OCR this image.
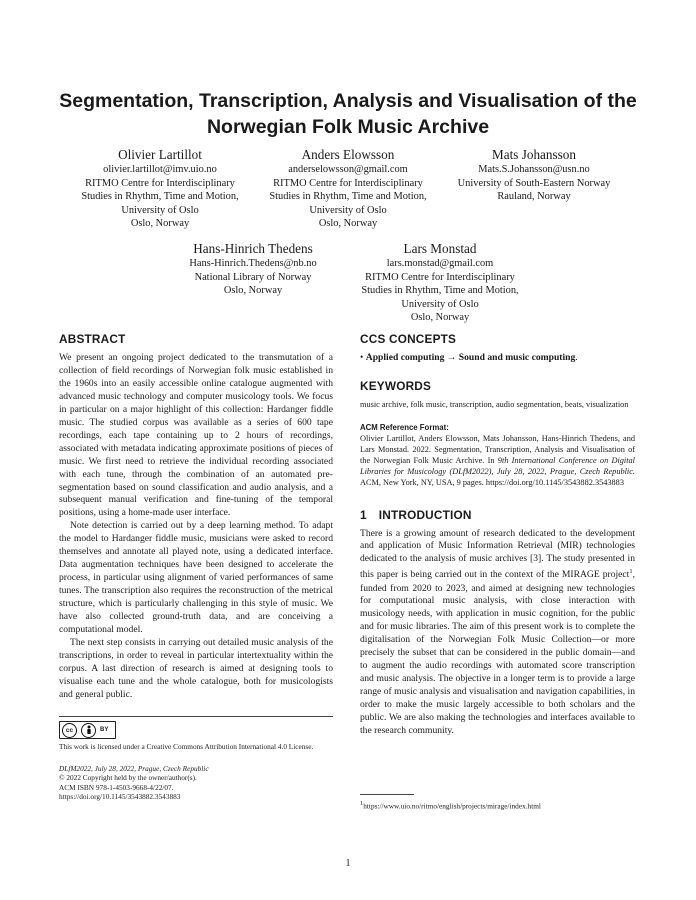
Segmentation, Transcription, Analysis and Visualisation of the
Norwegian Folk Music Archive
Olivier Lartillot
olivier.lartillot@imv.uio.no
RITMO Centre for Interdisciplinary
Studies in Rhythm, Time and Motion,
University of Oslo
Oslo, Norway
Anders Elowsson
anderselowsson@gmail.com
RITMO Centre for Interdisciplinary
Studies in Rhythm, Time and Motion,
University of Oslo
Oslo, Norway
Mats Johansson
Mats.S.Johansson@usn.no
University of South-Eastern Norway
Rauland, Norway
Hans-Hinrich Thedens
Hans-Hinrich.Thedens@nb.no
National Library of Norway
Oslo, Norway
Lars Monstad
lars.monstad@gmail.com
RITMO Centre for Interdisciplinary
Studies in Rhythm, Time and Motion,
University of Oslo
Oslo, Norway
ABSTRACT

We present an ongoing project dedicated to the transmutation of a collection of field recordings of Norwegian folk music established in the 1960s into an easily accessible online catalogue augmented with advanced music technology and computer musicology tools. We focus in particular on a major highlight of this collection: Hardanger fiddle music. The studied corpus was available as a series of 600 tape recordings, each tape containing up to 2 hours of recordings, associated with metadata indicating approximate positions of pieces of music. We first need to retrieve the individual recording associated with each tune, through the combination of an automated pre-segmentation based on sound classification and audio analysis, and a subsequent manual verification and fine-tuning of the temporal positions, using a home-made user interface.

Note detection is carried out by a deep learning method. To adapt the model to Hardanger fiddle music, musicians were asked to record themselves and annotate all played note, using a dedicated interface. Data augmentation techniques have been designed to accelerate the process, in particular using alignment of varied performances of same tunes. The transcription also requires the reconstruction of the metrical structure, which is particularly challenging in this style of music. We have also collected ground-truth data, and are conceiving a computational model.

The next step consists in carrying out detailed music analysis of the transcriptions, in order to reveal in particular intertextuality within the corpus. A last direction of research is aimed at designing tools to visualise each tune and the whole catalogue, both for musicologists and general public.

cc	BY
This work is licensed under a Creative Commons Attribution International 4.0 License.
DLfM2022, July 28, 2022, Prague, Czech Republic
© 2022 Copyright held by the owner/author(s).
ACM ISBN 978-1-4503-9668-4/22/07.
https://doi.org/10.1145/3543882.3543883
CCS CONCEPTS

• Applied computing → Sound and music computing.

KEYWORDS

music archive, folk music, transcription, audio segmentation, beats, visualization

ACM Reference Format:

Olivier Lartillot, Anders Elowsson, Mats Johansson, Hans-Hinrich Thedens, and Lars Monstad. 2022. Segmentation, Transcription, Analysis and Visualisation of the Norwegian Folk Music Archive. In 9th International Conference on Digital Libraries for Musicology (DLfM2022), July 28, 2022, Prague, Czech Republic. ACM, New York, NY, USA, 9 pages. https://doi.org/10.1145/3543882.3543883

1 INTRODUCTION

There is a growing amount of research dedicated to the development and application of Music Information Retrieval (MIR) technologies dedicated to the analysis of music archives [3]. The study presented in this paper is being carried out in the context of the MIRAGE project$^1$, funded from 2020 to 2023, and aimed at designing new technologies for computational music analysis, with close interaction with musicology needs, with application in music cognition, for the public and for music libraries. The aim of this present work is to complete the digitalisation of the Norwegian Folk Music Collection—or more precisely the subset that can be considered in the public domain—and to augment the audio recordings with automated score transcription and music analysis. The objective in a longer term is to provide a large range of music analysis and visualisation and navigation capabilities, in order to make the music largely accessible to both scholars and the public. We are also making the technologies and interfaces available to the research community.

$^1$https://www.uio.no/ritmo/english/projects/mirage/index.html
1
